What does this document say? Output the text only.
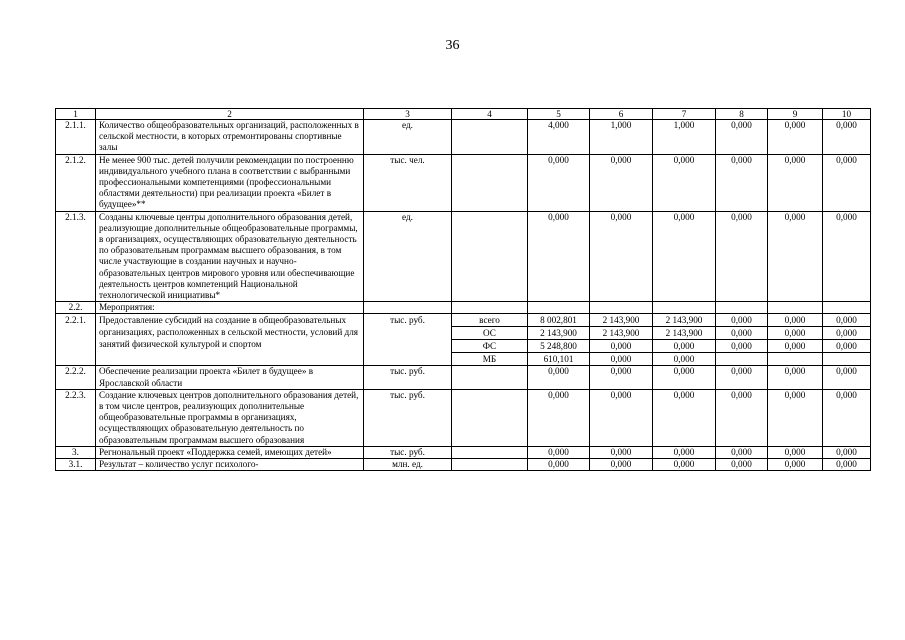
36
1	2	3	4	5	6	7	8	9	10
2.1.1.	Количество общеобразовательных организаций, расположенных в сельской местности, в которых отремонтированы спортивные залы	ед.		4,000	1,000	1,000	0,000	0,000	0,000
2.1.2.	Не менее 900 тыс. детей получили рекомендации по построенню индивидуального учебного плана в соответствии с выбранными профессиональными компетенциями (профессиональными областями деятельности) при реализации проекта «Билет в будущее»**	тыс. чел.		0,000	0,000	0,000	0,000	0,000	0,000
2.1.3.	Созданы ключевые центры дополнительного образования детей, реализующие дополнительные общеобразовательные программы, в организациях, осуществляющих образовательную деятельность по образовательным программам высшего образования, в том числе участвующие в создании научных и научно-образовательных центров мирового уровня или обеспечивающие деятельность центров компетенций Национальной технологической инициативы*	ед.		0,000	0,000	0,000	0,000	0,000	0,000
2.2.	Мероприятия:								
2.2.1.	Предоставление субсидий на создание в общеобразовательных организациях, расположенных в сельской местности, условий для занятий физической культурой и спортом	тыс. руб.	всего	8 002,801	2 143,900	2 143,900	0,000	0,000	0,000
			ОС	2 143,900	2 143,900	2 143,900	0,000	0,000	0,000
			ФС	5 248,800	0,000	0,000	0,000	0,000	0,000
			МБ	610,101	0,000	0,000			
2.2.2.	Обеспечение реализации проекта «Билет в будущее» в Ярославской области	тыс. руб.		0,000	0,000	0,000	0,000	0,000	0,000
2.2.3.	Создание ключевых центров дополнительного образования детей, в том числе центров, реализующих дополнительные общеобразовательные программы в организациях, осуществляющих образовательную деятельность по образовательным программам высшего образования	тыс. руб.		0,000	0,000	0,000	0,000	0,000	0,000
3.	Регнональный проект «Поддержка семей, имеющих детей»	тыс. руб.		0,000	0,000	0,000	0,000	0,000	0,000
3.1.	Результат – количество услуг психолого-	млн. ед.		0,000	0,000	0,000	0,000	0,000	0,000
